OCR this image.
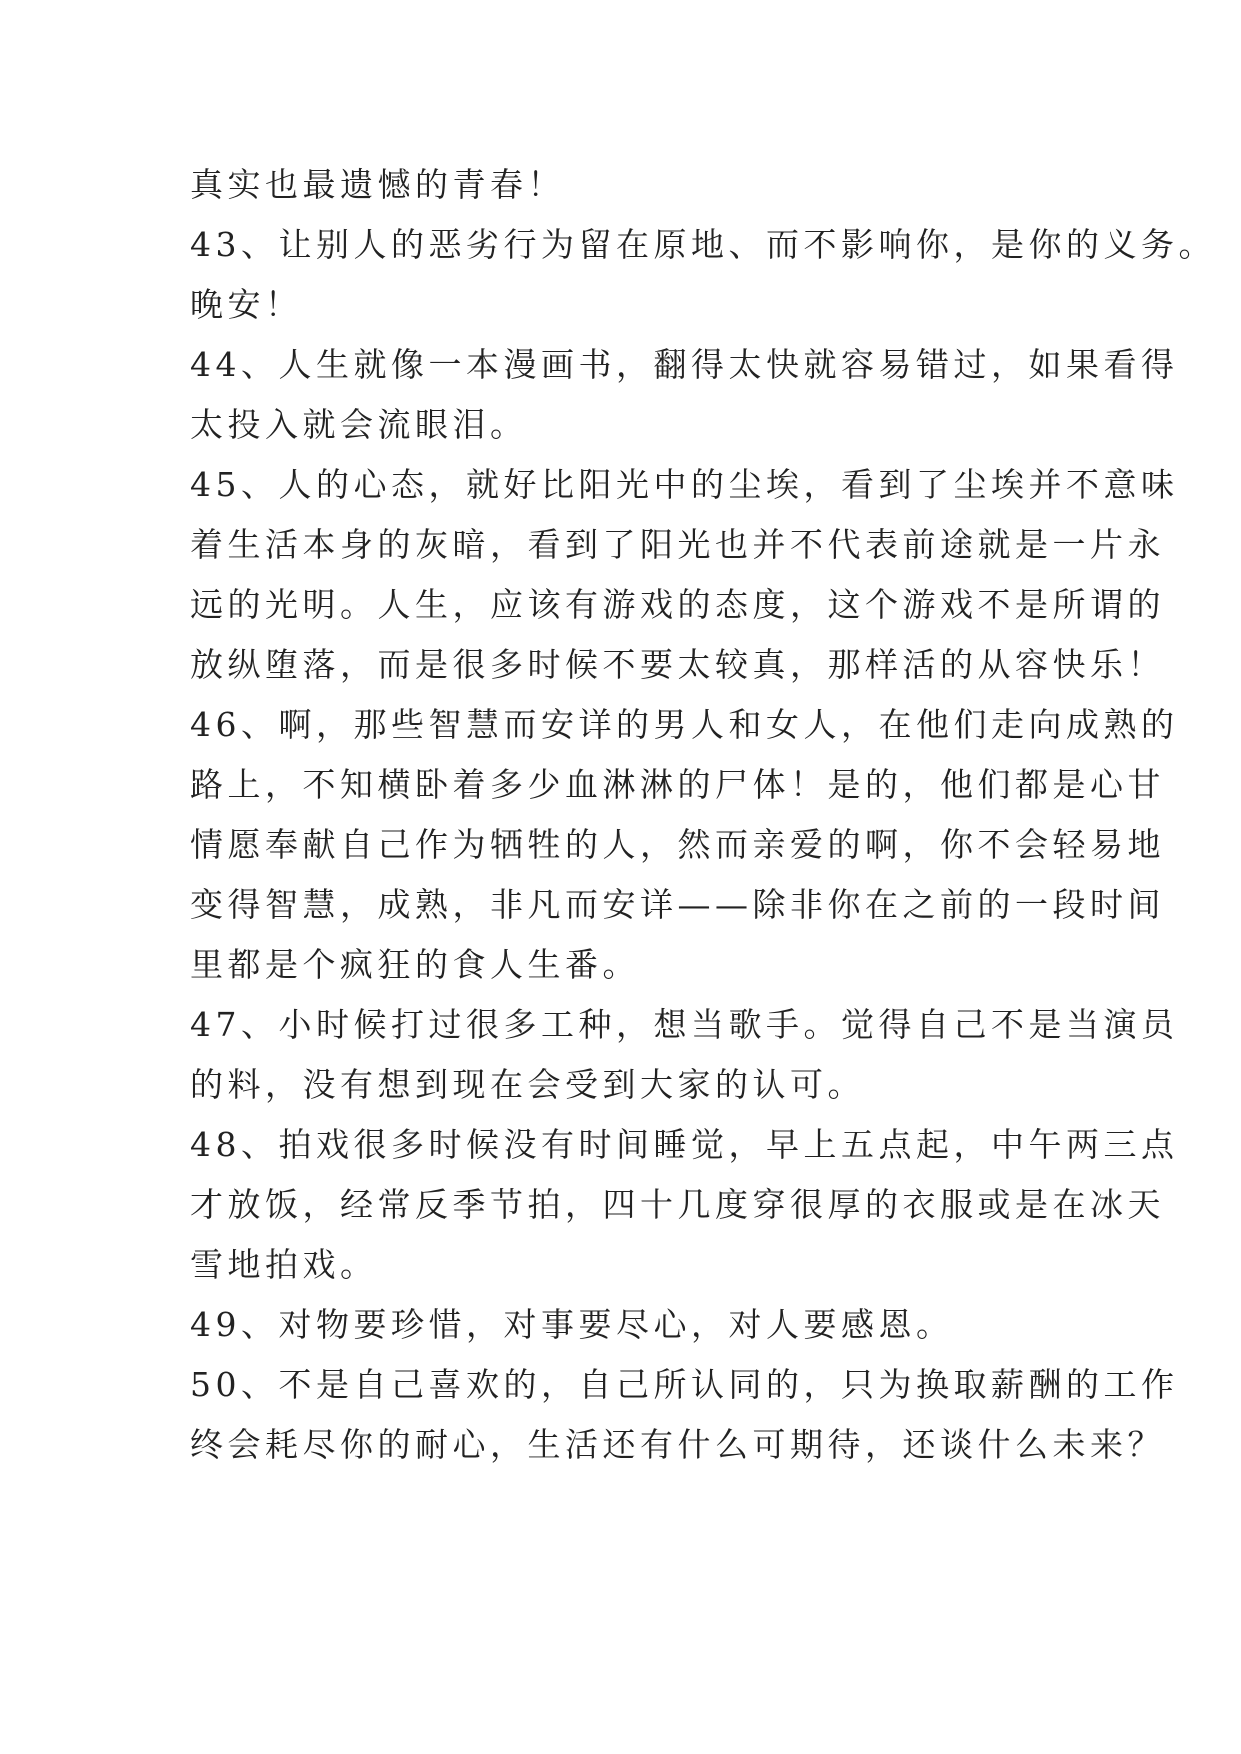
真实也最遗憾的青春！
43、让别人的恶劣行为留在原地、而不影响你，是你的义务。
晚安！
44、人生就像一本漫画书，翻得太快就容易错过，如果看得
太投入就会流眼泪。
45、人的心态，就好比阳光中的尘埃，看到了尘埃并不意味
着生活本身的灰暗，看到了阳光也并不代表前途就是一片永
远的光明。人生，应该有游戏的态度，这个游戏不是所谓的
放纵堕落，而是很多时候不要太较真，那样活的从容快乐！
46、啊，那些智慧而安详的男人和女人，在他们走向成熟的
路上，不知横卧着多少血淋淋的尸体！是的，他们都是心甘
情愿奉献自己作为牺牲的人，然而亲爱的啊，你不会轻易地
变得智慧，成熟，非凡而安详——除非你在之前的一段时间
里都是个疯狂的食人生番。
47、小时候打过很多工种，想当歌手。觉得自己不是当演员
的料，没有想到现在会受到大家的认可。
48、拍戏很多时候没有时间睡觉，早上五点起，中午两三点
才放饭，经常反季节拍，四十几度穿很厚的衣服或是在冰天
雪地拍戏。
49、对物要珍惜，对事要尽心，对人要感恩。
50、不是自己喜欢的，自己所认同的，只为换取薪酬的工作
终会耗尽你的耐心，生活还有什么可期待，还谈什么未来？
